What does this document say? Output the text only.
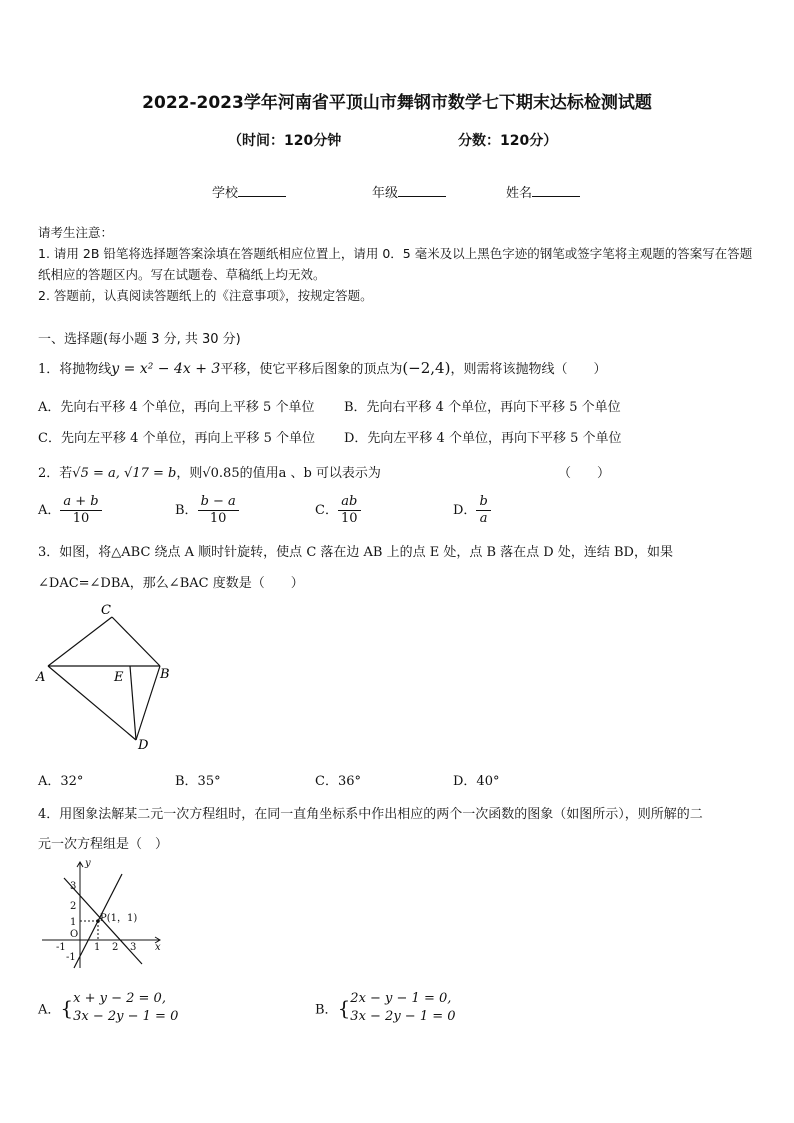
2022-2023学年河南省平顶山市舞钢市数学七下期末达标检测试题
（时间：120分钟	分数：120分）
学校	年级	姓名
请考生注意：
1. 请用 2B 铅笔将选择题答案涂填在答题纸相应位置上，请用 0．5 毫米及以上黑色字迹的钢笔或签字笔将主观题的答案写在答题纸相应的答题区内。写在试题卷、草稿纸上均无效。
2. 答题前，认真阅读答题纸上的《注意事项》，按规定答题。
一、选择题(每小题 3 分, 共 30 分)
1．将抛物线y = x² − 4x + 3平移，使它平移后图象的顶点为(−2,4)，则需将该抛物线（　　）
A．先向右平移 4 个单位，再向上平移 5 个单位 B．先向右平移 4 个单位，再向下平移 5 个单位
C．先向左平移 4 个单位，再向上平移 5 个单位 D．先向左平移 4 个单位，再向下平移 5 个单位
2．若√5 = a, √17 = b，则√0.85的值用a 、b 可以表示为	（　　）
A． $\frac{a + b}{10}$	B． $\frac{b - a}{10}$	C． $\frac{ab}{10}$	D． $\frac{b}{a}$
3．如图，将△ABC 绕点 A 顺时针旋转，使点 C 落在边 AB 上的点 E 处，点 B 落在点 D 处，连结 BD，如果
∠DAC=∠DBA，那么∠BAC 度数是（　　）
C
A	E	B
D
A．32°	B．35°	C．36°	D．40°
4．用图象法解某二元一次方程组时，在同一直角坐标系中作出相应的两个一次函数的图象（如图所示），则所解的二
元一次方程组是（　）
y
x
O
P(1，1)
3
2
1
-1
-1	1 2 3
A．{ x + y − 2 = 0,
3x − 2y − 1 = 0	B．{ 2x − y − 1 = 0,
3x − 2y − 1 = 0
